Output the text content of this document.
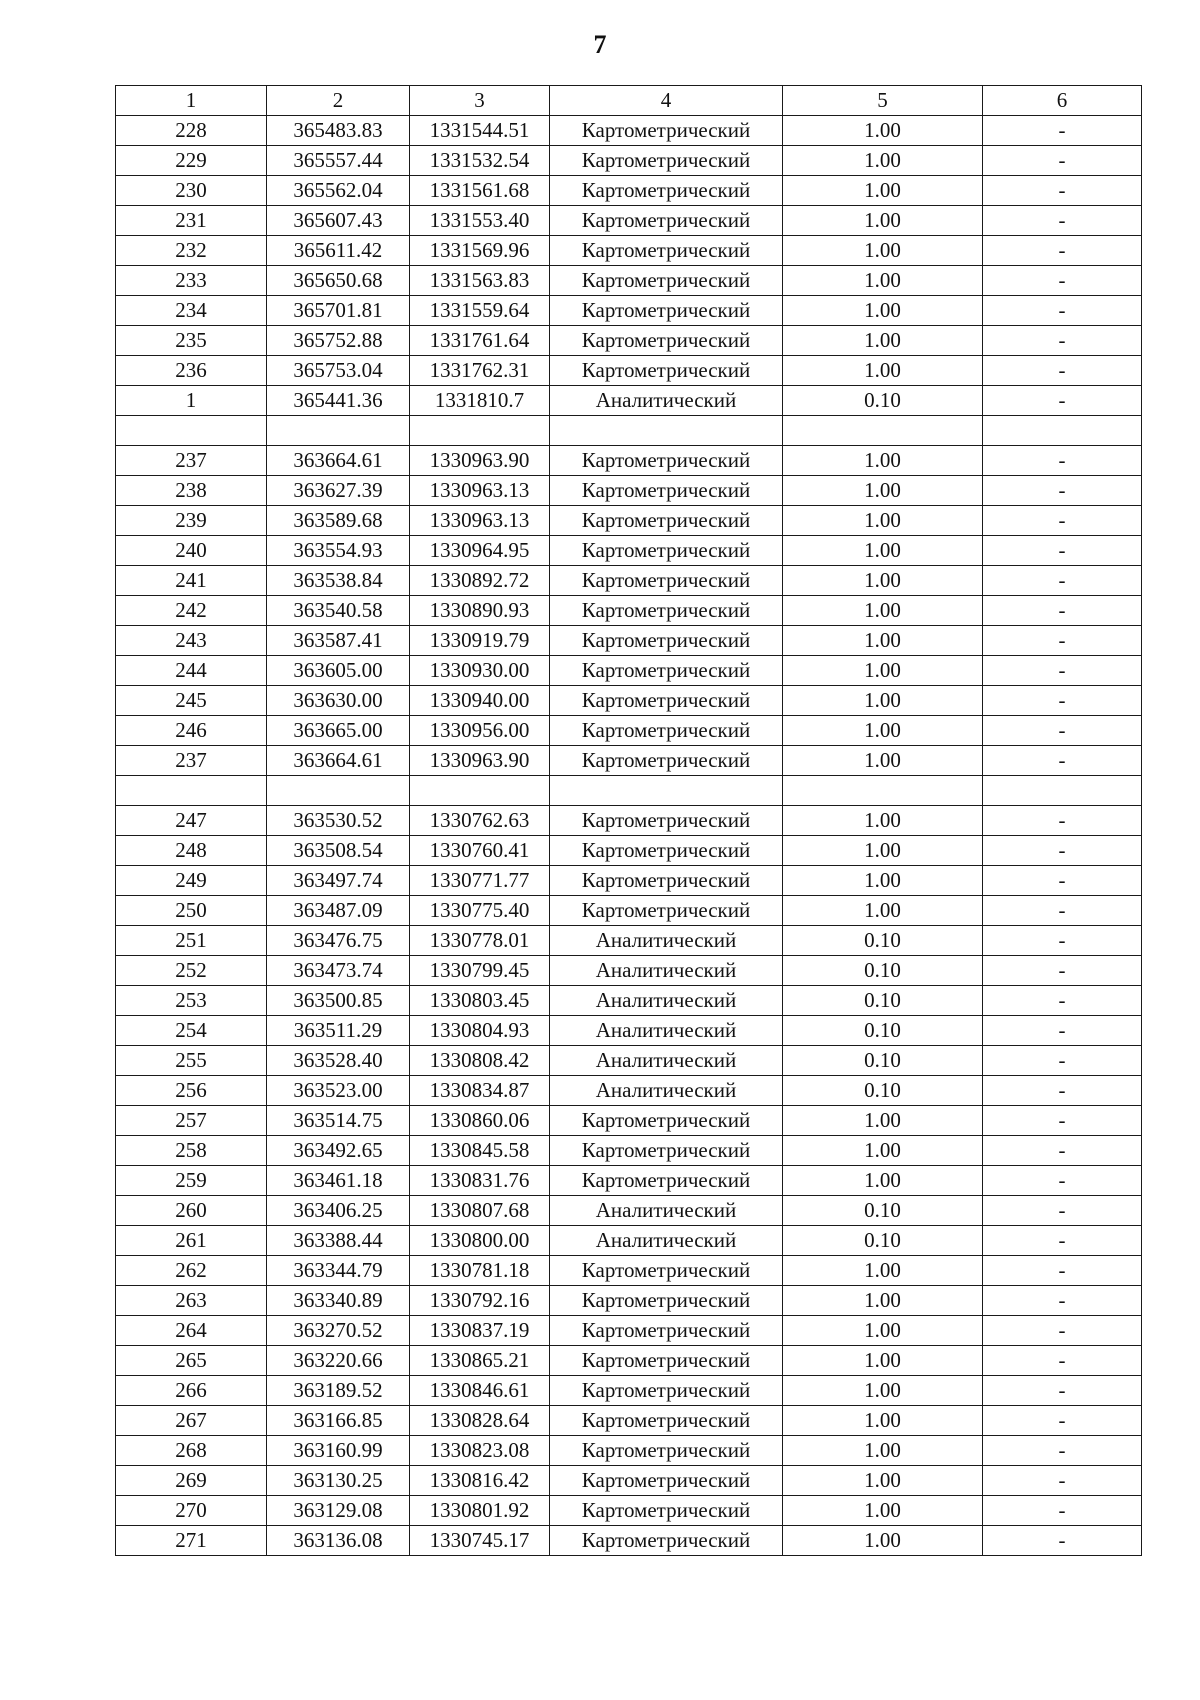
7
1	2	3	4	5	6
228	365483.83	1331544.51	Картометрический	1.00	-
229	365557.44	1331532.54	Картометрический	1.00	-
230	365562.04	1331561.68	Картометрический	1.00	-
231	365607.43	1331553.40	Картометрический	1.00	-
232	365611.42	1331569.96	Картометрический	1.00	-
233	365650.68	1331563.83	Картометрический	1.00	-
234	365701.81	1331559.64	Картометрический	1.00	-
235	365752.88	1331761.64	Картометрический	1.00	-
236	365753.04	1331762.31	Картометрический	1.00	-
1	365441.36	1331810.7	Аналитический	0.10	-

237	363664.61	1330963.90	Картометрический	1.00	-
238	363627.39	1330963.13	Картометрический	1.00	-
239	363589.68	1330963.13	Картометрический	1.00	-
240	363554.93	1330964.95	Картометрический	1.00	-
241	363538.84	1330892.72	Картометрический	1.00	-
242	363540.58	1330890.93	Картометрический	1.00	-
243	363587.41	1330919.79	Картометрический	1.00	-
244	363605.00	1330930.00	Картометрический	1.00	-
245	363630.00	1330940.00	Картометрический	1.00	-
246	363665.00	1330956.00	Картометрический	1.00	-
237	363664.61	1330963.90	Картометрический	1.00	-

247	363530.52	1330762.63	Картометрический	1.00	-
248	363508.54	1330760.41	Картометрический	1.00	-
249	363497.74	1330771.77	Картометрический	1.00	-
250	363487.09	1330775.40	Картометрический	1.00	-
251	363476.75	1330778.01	Аналитический	0.10	-
252	363473.74	1330799.45	Аналитический	0.10	-
253	363500.85	1330803.45	Аналитический	0.10	-
254	363511.29	1330804.93	Аналитический	0.10	-
255	363528.40	1330808.42	Аналитический	0.10	-
256	363523.00	1330834.87	Аналитический	0.10	-
257	363514.75	1330860.06	Картометрический	1.00	-
258	363492.65	1330845.58	Картометрический	1.00	-
259	363461.18	1330831.76	Картометрический	1.00	-
260	363406.25	1330807.68	Аналитический	0.10	-
261	363388.44	1330800.00	Аналитический	0.10	-
262	363344.79	1330781.18	Картометрический	1.00	-
263	363340.89	1330792.16	Картометрический	1.00	-
264	363270.52	1330837.19	Картометрический	1.00	-
265	363220.66	1330865.21	Картометрический	1.00	-
266	363189.52	1330846.61	Картометрический	1.00	-
267	363166.85	1330828.64	Картометрический	1.00	-
268	363160.99	1330823.08	Картометрический	1.00	-
269	363130.25	1330816.42	Картометрический	1.00	-
270	363129.08	1330801.92	Картометрический	1.00	-
271	363136.08	1330745.17	Картометрический	1.00	-
